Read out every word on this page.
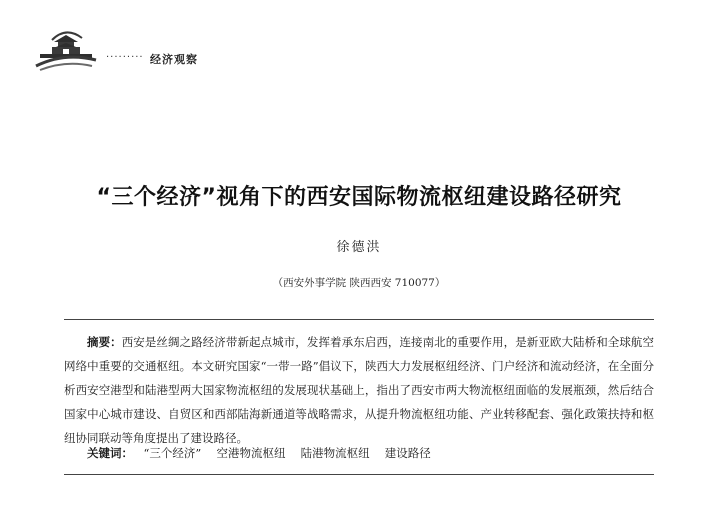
········· 经济观察
“三个经济”视角下的西安国际物流枢纽建设路径研究
徐德洪
（西安外事学院 陕西西安 710077）
摘要：西安是丝绸之路经济带新起点城市，发挥着承东启西，连接南北的重要作用，是新亚欧大陆桥和全球航空网络中重要的交通枢纽。本文研究国家“一带一路”倡议下，陕西大力发展枢纽经济、门户经济和流动经济，在全面分析西安空港型和陆港型两大国家物流枢纽的发展现状基础上，指出了西安市两大物流枢纽面临的发展瓶颈，然后结合国家中心城市建设、自贸区和西部陆海新通道等战略需求，从提升物流枢纽功能、产业转移配套、强化政策扶持和枢纽协同联动等角度提出了建设路径。
关键词： “三个经济” 空港物流枢纽 陆港物流枢纽 建设路径
